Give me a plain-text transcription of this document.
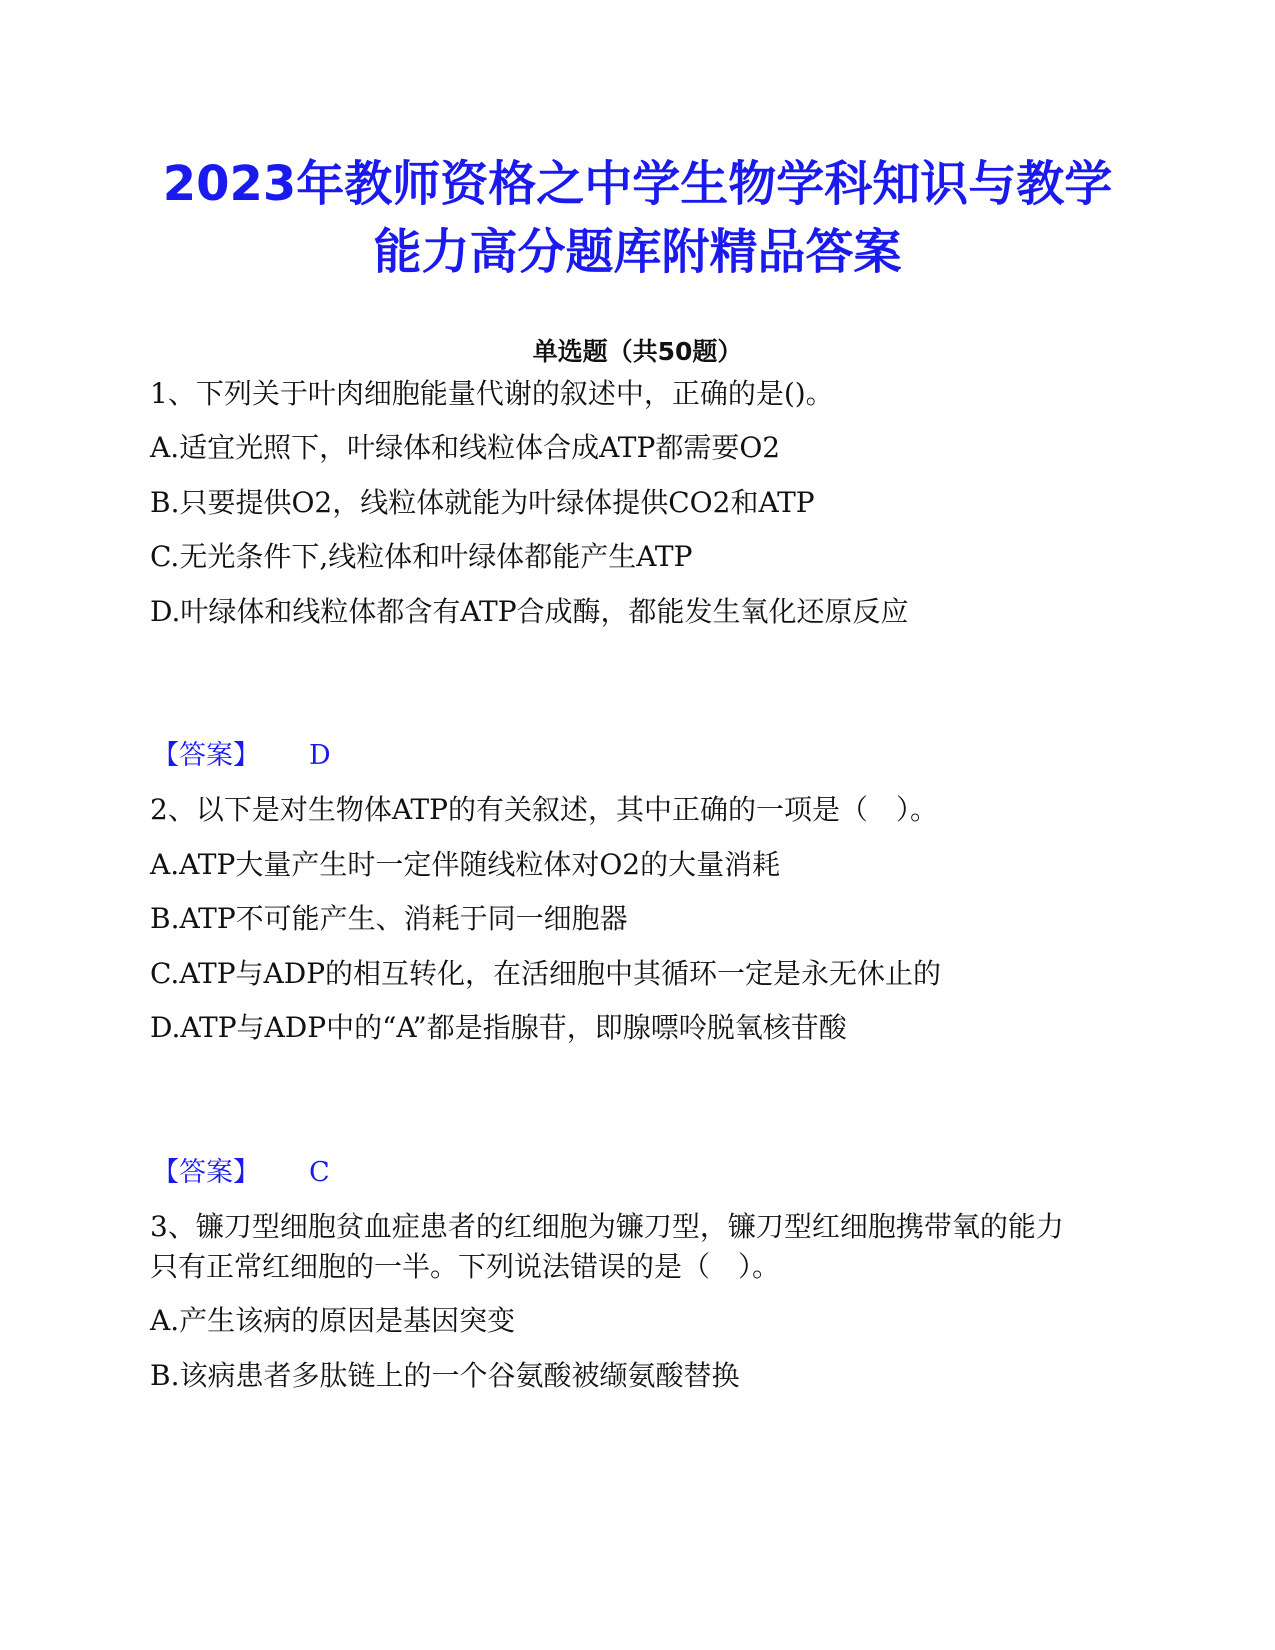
2023年教师资格之中学生物学科知识与教学
能力高分题库附精品答案
单选题（共50题）

1、下列关于叶肉细胞能量代谢的叙述中，正确的是()。

A.适宜光照下，叶绿体和线粒体合成ATP都需要O2

B.只要提供O2，线粒体就能为叶绿体提供CO2和ATP

C.无光条件下,线粒体和叶绿体都能产生ATP

D.叶绿体和线粒体都含有ATP合成酶，都能发生氧化还原反应

【答案】 D

2、以下是对生物体ATP的有关叙述，其中正确的一项是（　）。

A.ATP大量产生时一定伴随线粒体对O2的大量消耗

B.ATP不可能产生、消耗于同一细胞器

C.ATP与ADP的相互转化，在活细胞中其循环一定是永无休止的

D.ATP与ADP中的“A”都是指腺苷，即腺嘌呤脱氧核苷酸

【答案】 C

3、镰刀型细胞贫血症患者的红细胞为镰刀型，镰刀型红细胞携带氧的能力

只有正常红细胞的一半。下列说法错误的是（　）。

A.产生该病的原因是基因突变

B.该病患者多肽链上的一个谷氨酸被缬氨酸替换
